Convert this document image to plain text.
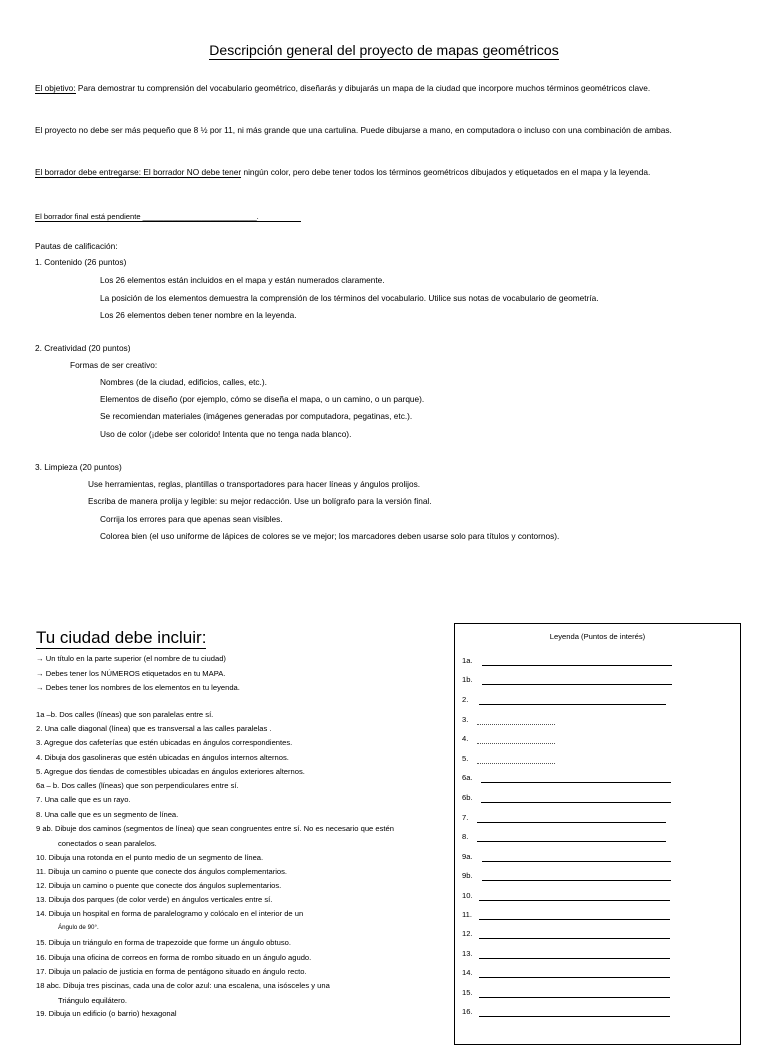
Descripción general del proyecto de mapas geométricos
El objetivo: Para demostrar tu comprensión del vocabulario geométrico, diseñarás y dibujarás un mapa de la ciudad que incorpore muchos términos geométricos clave.
El proyecto no debe ser más pequeño que 8 ½ por 11, ni más grande que una cartulina. Puede dibujarse a mano, en computadora o incluso con una combinación de ambas.
El borrador debe entregarse: El borrador NO debe tener ningún color, pero debe tener todos los términos geométricos dibujados y etiquetados en el mapa y la leyenda.
El borrador final está pendiente ___________________________.
Pautas de calificación:
1. Contenido (26 puntos)
Los 26 elementos están incluidos en el mapa y están numerados claramente.
La posición de los elementos demuestra la comprensión de los términos del vocabulario. Utilice sus notas de vocabulario de geometría.
Los 26 elementos deben tener nombre en la leyenda.
2. Creatividad (20 puntos)
Formas de ser creativo:
Nombres (de la ciudad, edificios, calles, etc.).
Elementos de diseño (por ejemplo, cómo se diseña el mapa, o un camino, o un parque).
Se recomiendan materiales (imágenes generadas por computadora, pegatinas, etc.).
Uso de color (¡debe ser colorido! Intenta que no tenga nada blanco).
3. Limpieza (20 puntos)
Use herramientas, reglas, plantillas o transportadores para hacer líneas y ángulos prolijos.
Escriba de manera prolija y legible: su mejor redacción. Use un bolígrafo para la versión final.
Corrija los errores para que apenas sean visibles.
Colorea bien (el uso uniforme de lápices de colores se ve mejor; los marcadores deben usarse solo para títulos y contornos).
Tu ciudad debe incluir:
→ Un título en la parte superior (el nombre de tu ciudad)
→ Debes tener los NÚMEROS etiquetados en tu MAPA.
→ Debes tener los nombres de los elementos en tu leyenda.
1a –b. Dos calles (líneas) que son paralelas entre sí.
2. Una calle diagonal (línea) que es transversal a las calles paralelas .
3. Agregue dos cafeterías que estén ubicadas en ángulos correspondientes.
4. Dibuja dos gasolineras que estén ubicadas en ángulos internos alternos.
5. Agregue dos tiendas de comestibles ubicadas en ángulos exteriores alternos.
6a – b. Dos calles (líneas) que son perpendiculares entre sí.
7. Una calle que es un rayo.
8. Una calle que es un segmento de línea.
9 ab. Dibuje dos caminos (segmentos de línea) que sean congruentes entre sí. No es necesario que estén
conectados o sean paralelos.
10. Dibuja una rotonda en el punto medio de un segmento de línea.
11. Dibuja un camino o puente que conecte dos ángulos complementarios.
12. Dibuja un camino o puente que conecte dos ángulos suplementarios.
13. Dibuja dos parques (de color verde) en ángulos verticales entre sí.
14. Dibuja un hospital en forma de paralelogramo y colócalo en el interior de un
Ángulo de 90°.
15. Dibuja un triángulo en forma de trapezoide que forme un ángulo obtuso.
16. Dibuja una oficina de correos en forma de rombo situado en un ángulo agudo.
17. Dibuja un palacio de justicia en forma de pentágono situado en ángulo recto.
18 abc. Dibuja tres piscinas, cada una de color azul: una escalena, una isósceles y una
Triángulo equilátero.
19. Dibuja un edificio (o barrio) hexagonal
Leyenda (Puntos de interés)
1a.
1b.
2.
3.
4.
5.
6a.
6b.
7.
8.
9a.
9b.
10.
11.
12.
13.
14.
15.
16.
